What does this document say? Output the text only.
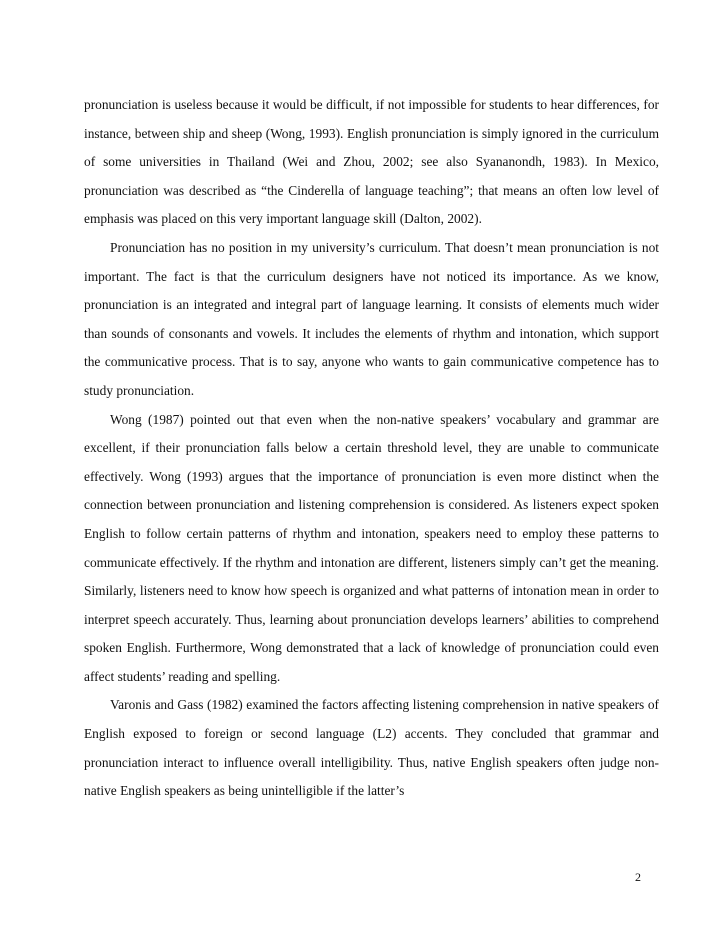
pronunciation is useless because it would be difficult, if not impossible for students to hear differences, for instance, between ship and sheep (Wong, 1993). English pronunciation is simply ignored in the curriculum of some universities in Thailand (Wei and Zhou, 2002; see also Syananondh, 1983). In Mexico, pronunciation was described as “the Cinderella of language teaching”; that means an often low level of emphasis was placed on this very important language skill (Dalton, 2002).

Pronunciation has no position in my university’s curriculum. That doesn’t mean pronunciation is not important. The fact is that the curriculum designers have not noticed its importance. As we know, pronunciation is an integrated and integral part of language learning. It consists of elements much wider than sounds of consonants and vowels. It includes the elements of rhythm and intonation, which support the communicative process. That is to say, anyone who wants to gain communicative competence has to study pronunciation.

Wong (1987) pointed out that even when the non-native speakers’ vocabulary and grammar are excellent, if their pronunciation falls below a certain threshold level, they are unable to communicate effectively. Wong (1993) argues that the importance of pronunciation is even more distinct when the connection between pronunciation and listening comprehension is considered. As listeners expect spoken English to follow certain patterns of rhythm and intonation, speakers need to employ these patterns to communicate effectively. If the rhythm and intonation are different, listeners simply can’t get the meaning. Similarly, listeners need to know how speech is organized and what patterns of intonation mean in order to interpret speech accurately. Thus, learning about pronunciation develops learners’ abilities to comprehend spoken English. Furthermore, Wong demonstrated that a lack of knowledge of pronunciation could even affect students’ reading and spelling.

Varonis and Gass (1982) examined the factors affecting listening comprehension in native speakers of English exposed to foreign or second language (L2) accents. They concluded that grammar and pronunciation interact to influence overall intelligibility. Thus, native English speakers often judge non-native English speakers as being unintelligible if the latter’s

2
